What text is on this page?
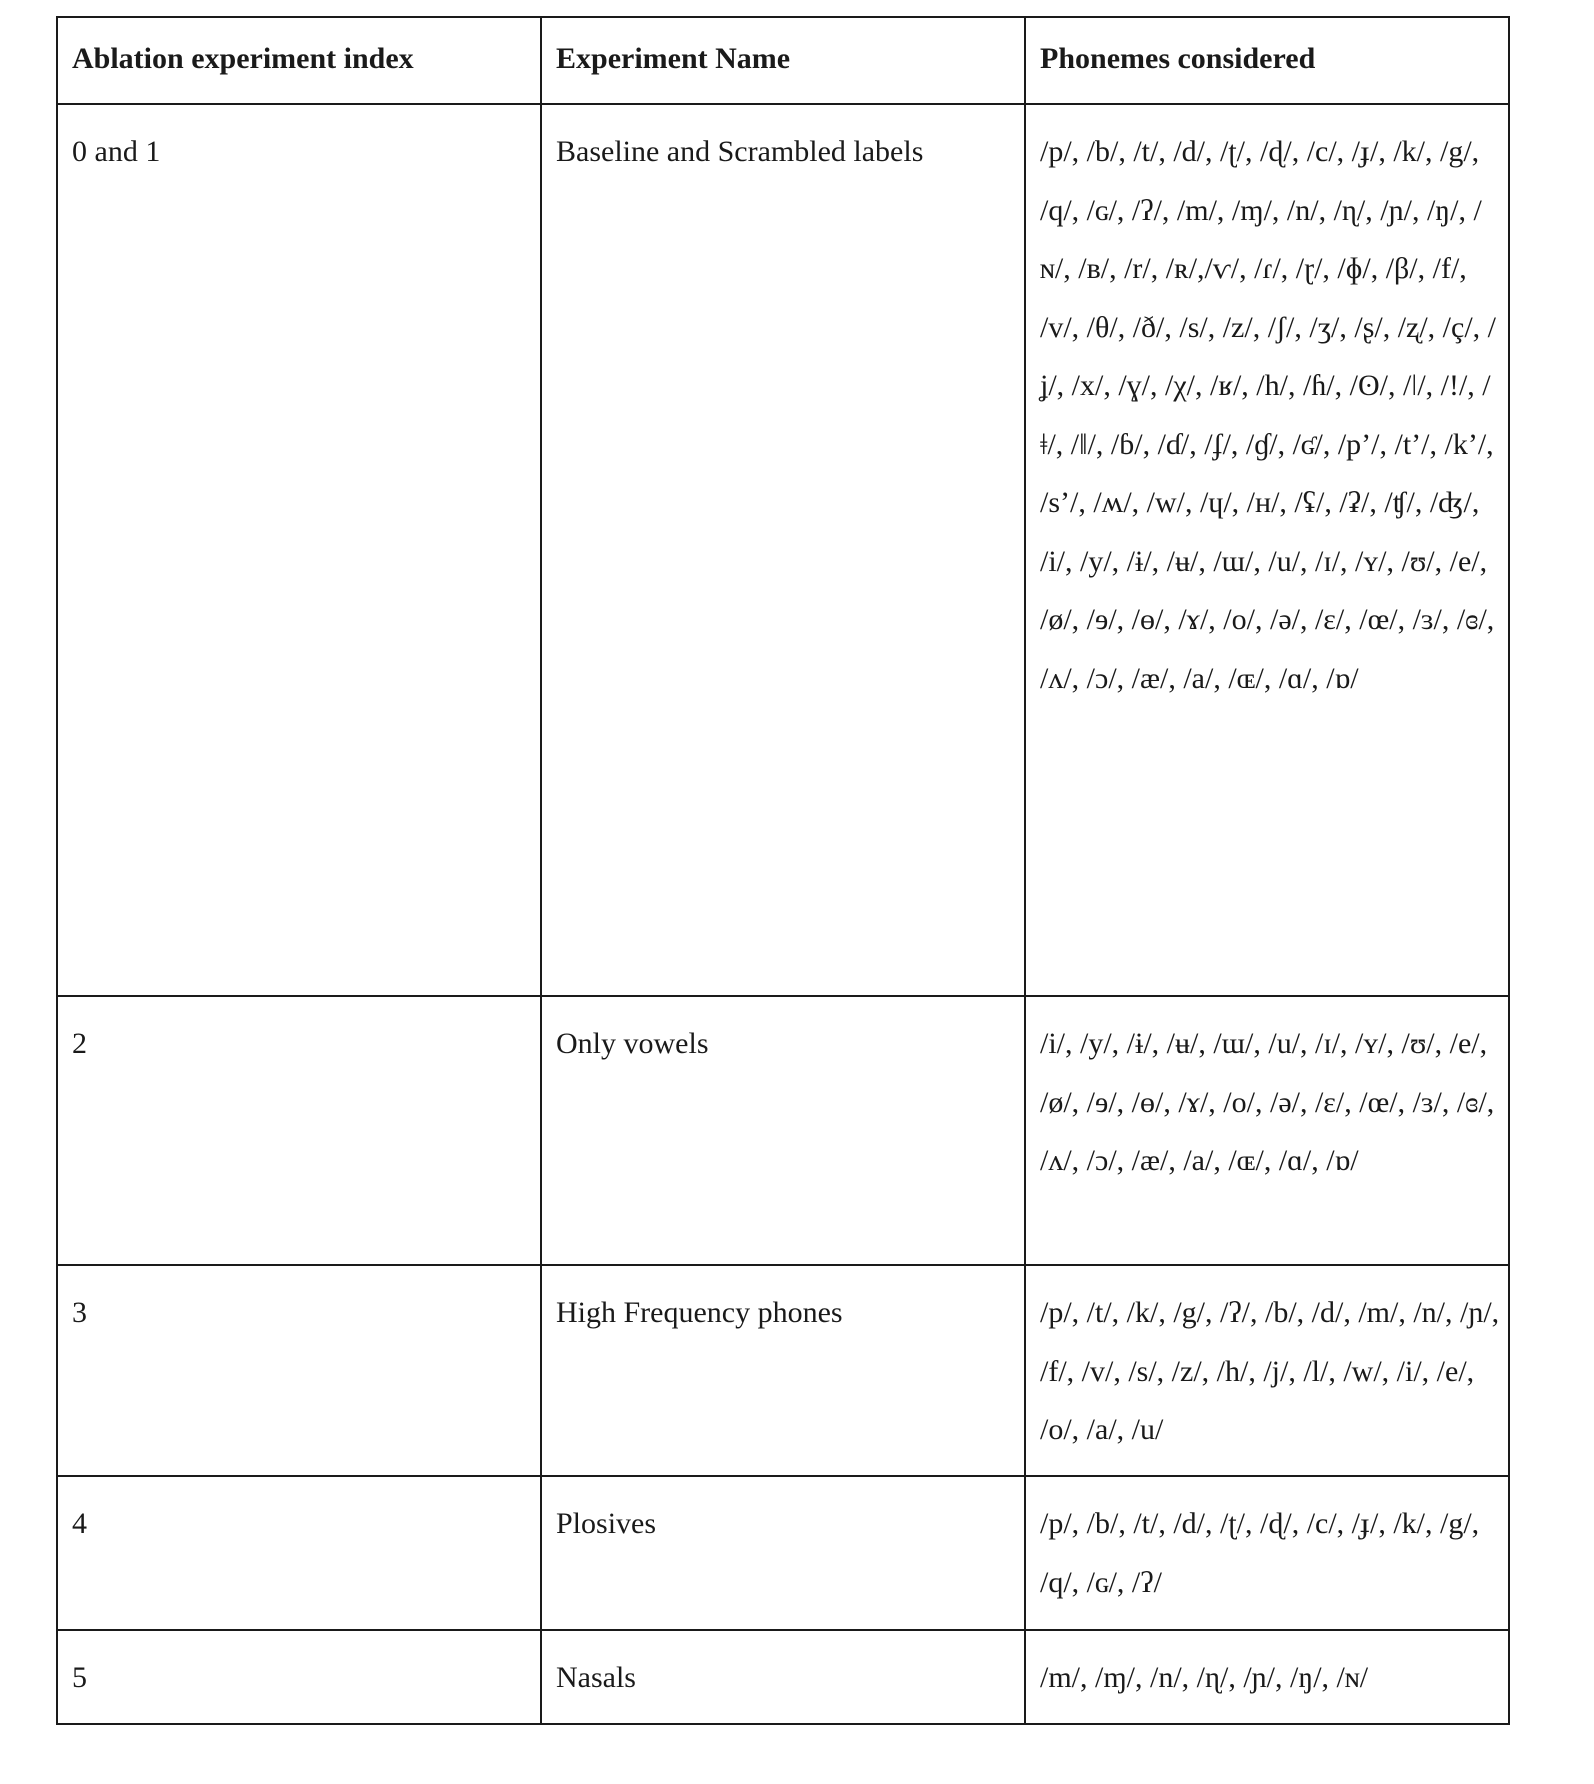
Ablation experiment index	Experiment Name	Phonemes considered
0 and 1	Baseline and Scrambled labels	/p/, /b/, /t/, /d/, /ʈ/, /ɖ/, /c/, /ɟ/, /k/, /g/, /q/, /ɢ/, /ʔ/, /m/, /ɱ/, /n/, /ɳ/, /ɲ/, /ŋ/, /ɴ/, /ʙ/, /r/, /ʀ/,/ⱱ/, /ɾ/, /ɽ/, /ɸ/, /β/, /f/, /v/, /θ/, /ð/, /s/, /z/, /ʃ/, /ʒ/, /ʂ/, /ʐ/, /ç/, /ʝ/, /x/, /ɣ/, /χ/, /ʁ/, /h/, /ɦ/, /ʘ/, /ǀ/, /ǃ/, /ǂ/, /ǁ/, /ɓ/, /ɗ/, /ʄ/, /ɠ/, /ʛ/, /p’/, /t’/, /k’/, /s’/, /ʍ/, /w/, /ɥ/, /ʜ/, /ʢ/, /ʡ/, /ʧ/, /ʤ/, /i/, /y/, /ɨ/, /ʉ/, /ɯ/, /u/, /ɪ/, /ʏ/, /ʊ/, /e/, /ø/, /ɘ/, /ɵ/, /ɤ/, /o/, /ə/, /ɛ/, /œ/, /ɜ/, /ɞ/, /ʌ/, /ɔ/, /æ/, /a/, /ɶ/, /ɑ/, /ɒ/
2	Only vowels	/i/, /y/, /ɨ/, /ʉ/, /ɯ/, /u/, /ɪ/, /ʏ/, /ʊ/, /e/, /ø/, /ɘ/, /ɵ/, /ɤ/, /o/, /ə/, /ɛ/, /œ/, /ɜ/, /ɞ/, /ʌ/, /ɔ/, /æ/, /a/, /ɶ/, /ɑ/, /ɒ/
3	High Frequency phones	/p/, /t/, /k/, /g/, /ʔ/, /b/, /d/, /m/, /n/, /ɲ/, /f/, /v/, /s/, /z/, /h/, /j/, /l/, /w/, /i/, /e/, /o/, /a/, /u/
4	Plosives	/p/, /b/, /t/, /d/, /ʈ/, /ɖ/, /c/, /ɟ/, /k/, /g/, /q/, /ɢ/, /ʔ/
5	Nasals	/m/, /ɱ/, /n/, /ɳ/, /ɲ/, /ŋ/, /ɴ/
